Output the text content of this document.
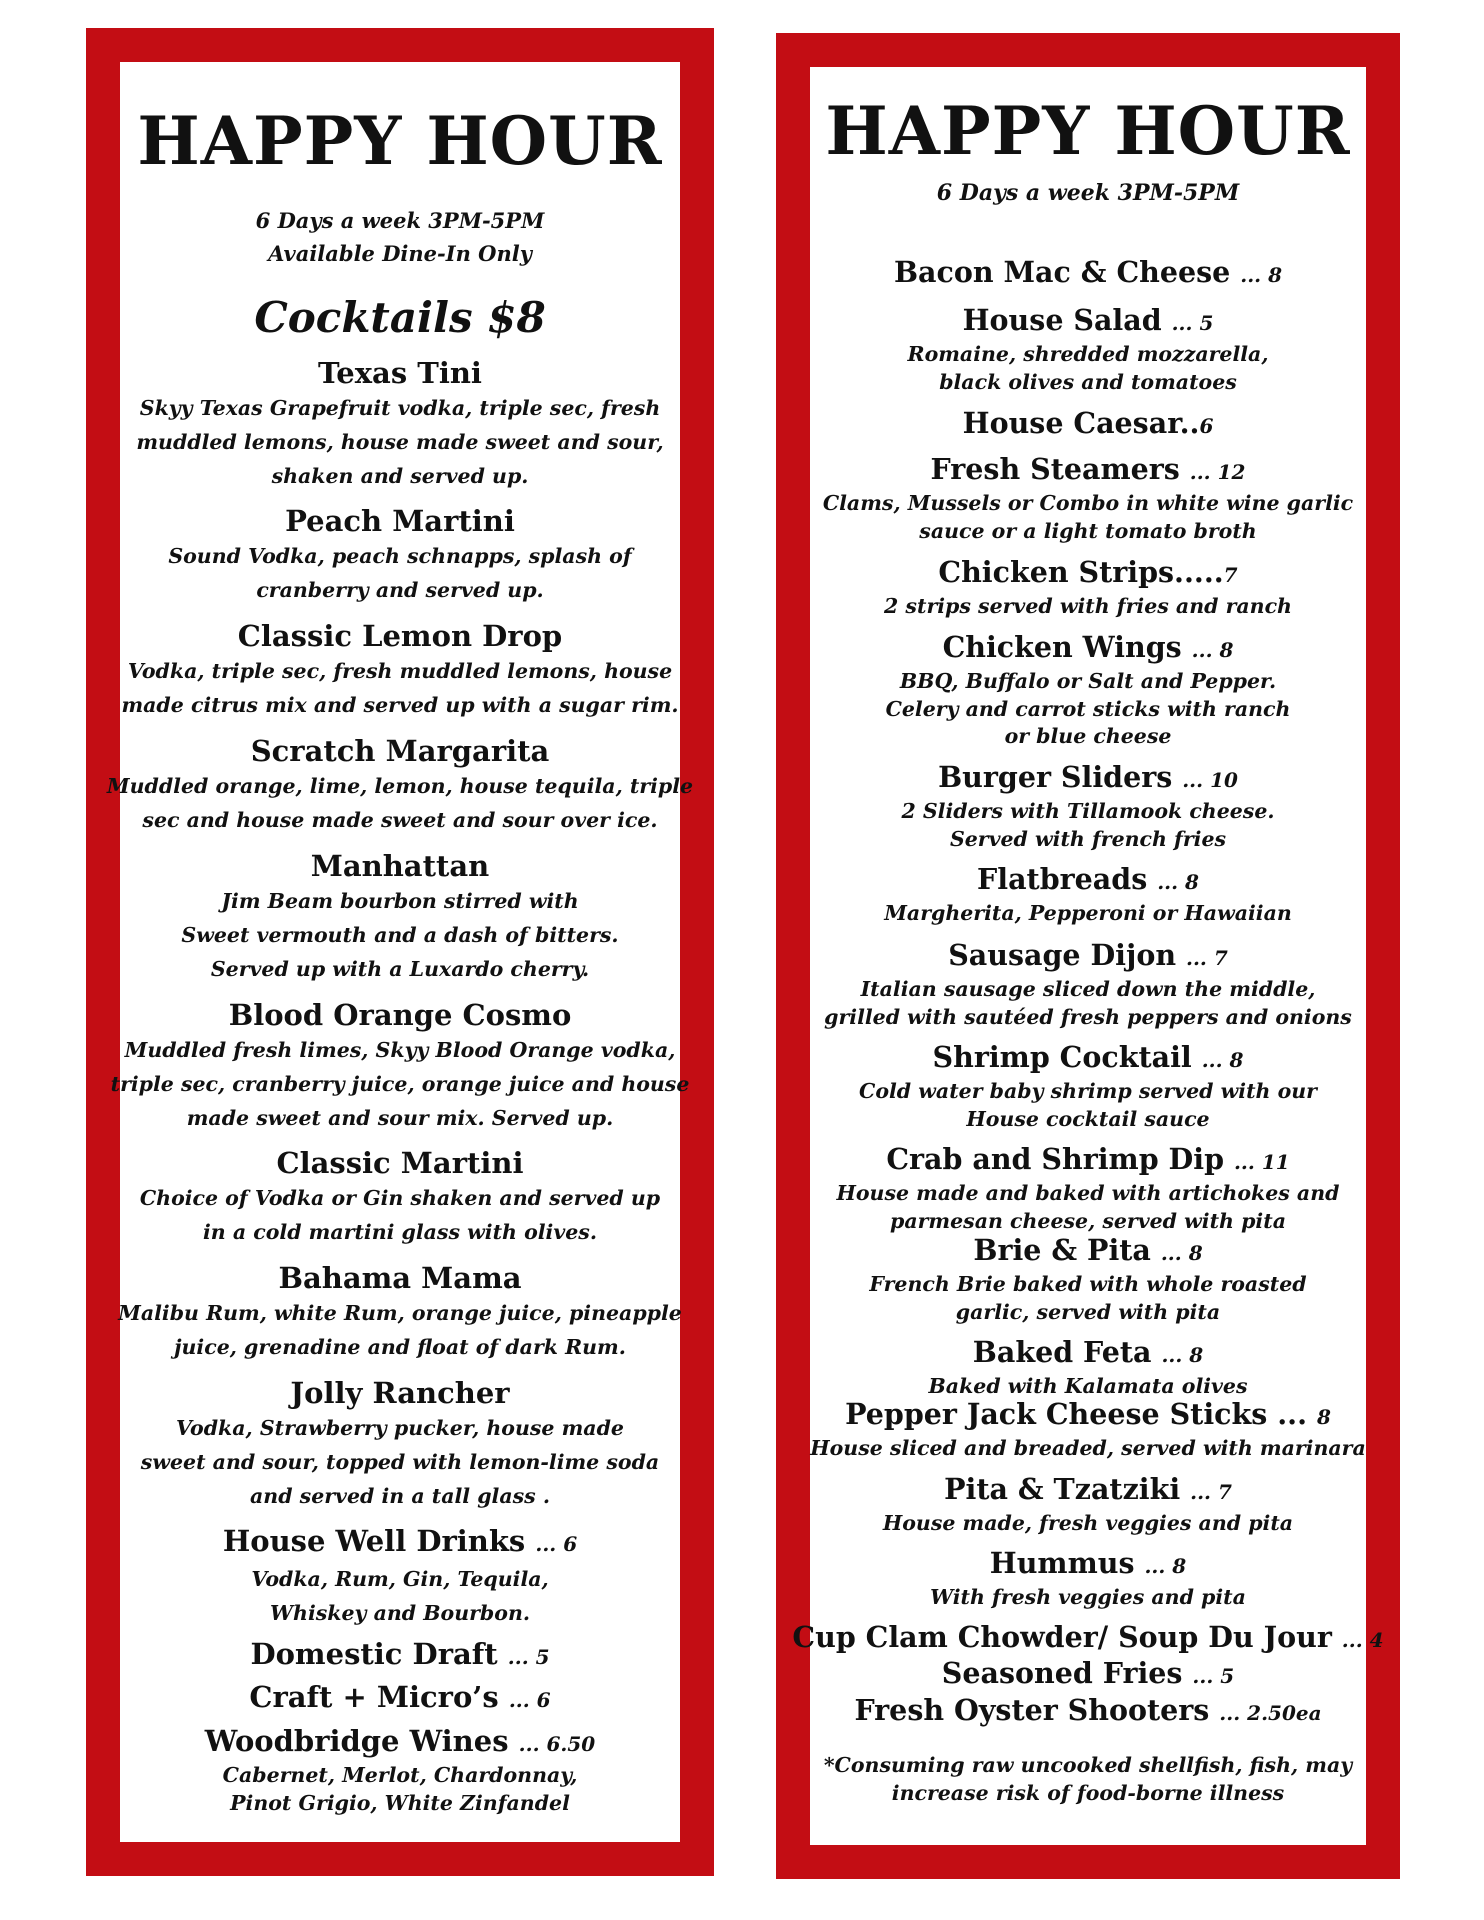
HAPPY HOUR
6 Days a week 3PM-5PM
Available Dine-In Only
Cocktails $8
Texas Tini
Skyy Texas Grapefruit vodka, triple sec, fresh
muddled lemons, house made sweet and sour,
shaken and served up.
Peach Martini
Sound Vodka, peach schnapps, splash of
cranberry and served up.
Classic Lemon Drop
Vodka, triple sec, fresh muddled lemons, house
made citrus mix and served up with a sugar rim.
Scratch Margarita
Muddled orange, lime, lemon, house tequila, triple
sec and house made sweet and sour over ice.
Manhattan
Jim Beam bourbon stirred with
Sweet vermouth and a dash of bitters.
Served up with a Luxardo cherry.
Blood Orange Cosmo
Muddled fresh limes, Skyy Blood Orange vodka,
triple sec, cranberry juice, orange juice and house
made sweet and sour mix. Served up.
Classic Martini
Choice of Vodka or Gin shaken and served up
in a cold martini glass with olives.
Bahama Mama
Malibu Rum, white Rum, orange juice, pineapple
juice, grenadine and float of dark Rum.
Jolly Rancher
Vodka, Strawberry pucker, house made
sweet and sour, topped with lemon-lime soda
and served in a tall glass .
House Well Drinks ... 6
Vodka, Rum, Gin, Tequila,
Whiskey and Bourbon.
Domestic Draft ... 5
Craft + Micro’s ... 6
Woodbridge Wines ... 6.50
Cabernet, Merlot, Chardonnay,
Pinot Grigio, White Zinfandel
HAPPY HOUR
6 Days a week 3PM-5PM
Bacon Mac & Cheese ... 8
House Salad ... 5
Romaine, shredded mozzarella,
black olives and tomatoes
House Caesar..6
Fresh Steamers ... 12
Clams, Mussels or Combo in white wine garlic
sauce or a light tomato broth
Chicken Strips.....7
2 strips served with fries and ranch
Chicken Wings ... 8
BBQ, Buffalo or Salt and Pepper.
Celery and carrot sticks with ranch
or blue cheese
Burger Sliders ... 10
2 Sliders with Tillamook cheese.
Served with french fries
Flatbreads ... 8
Margherita, Pepperoni or Hawaiian
Sausage Dijon ... 7
Italian sausage sliced down the middle,
grilled with sautéed fresh peppers and onions
Shrimp Cocktail ... 8
Cold water baby shrimp served with our
House cocktail sauce
Crab and Shrimp Dip ... 11
House made and baked with artichokes and
parmesan cheese, served with pita
Brie & Pita ... 8
French Brie baked with whole roasted
garlic, served with pita
Baked Feta ... 8
Baked with Kalamata olives
Pepper Jack Cheese Sticks ... 8
House sliced and breaded, served with marinara
Pita & Tzatziki ... 7
House made, fresh veggies and pita
Hummus ... 8
With fresh veggies and pita
Cup Clam Chowder/ Soup Du Jour ... 4
Seasoned Fries ... 5
Fresh Oyster Shooters ... 2.50ea
*Consuming raw uncooked shellfish, fish, may
increase risk of food-borne illness
